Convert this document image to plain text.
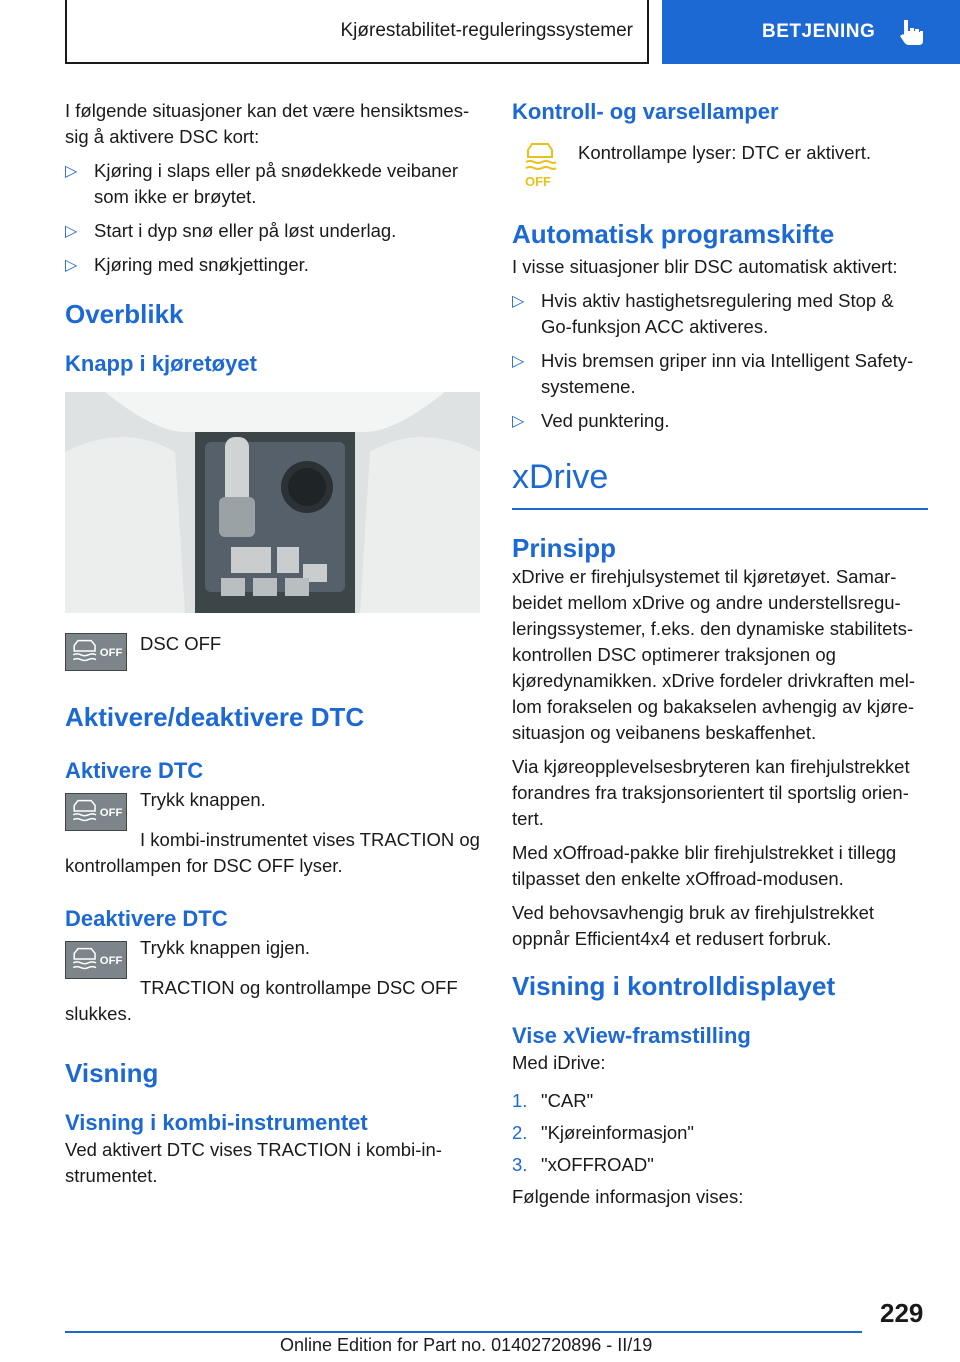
Kjørestabilitet-reguleringssystemer	BETJENING

I følgende situasjoner kan det være hensiktsmes-sig å aktivere DSC kort:

▷ Kjøring i slaps eller på snødekkede veibaner som ikke er brøytet.
▷ Start i dyp snø eller på løst underlag.
▷ Kjøring med snøkjettinger.
Overblikk
Knapp i kjøretøyet
OFF DSC OFF
Aktivere/deaktivere DTC
Aktivere DTC
OFF

Trykk knappen.

I kombi-instrumentet vises TRACTION og kontrollampen for DSC OFF lyser.

Deaktivere DTC
OFF

Trykk knappen igjen.

TRACTION og kontrollampe DSC OFF slukkes.

Visning
Visning i kombi-instrumentet

Ved aktivert DTC vises TRACTION i kombi-in-strumentet.

Kontroll- og varsellamper
OFF

Kontrollampe lyser: DTC er aktivert.

Automatisk programskifte

I visse situasjoner blir DSC automatisk aktivert:

▷ Hvis aktiv hastighetsregulering med Stop & Go-funksjon ACC aktiveres.
▷ Hvis bremsen griper inn via Intelligent Safety-systemene.
▷ Ved punktering.
xDrive
Prinsipp

xDrive er firehjulsystemet til kjøretøyet. Samar-beidet mellom xDrive og andre understellsregu-leringssystemer, f.eks. den dynamiske stabilitets-kontrollen DSC optimerer traksjonen og kjøredynamikken. xDrive fordeler drivkraften mel-lom forakselen og bakakselen avhengig av kjøre-situasjon og veibanens beskaffenhet.

Via kjøreopplevelsesbryteren kan firehjulstrekket forandres fra traksjonsorientert til sportslig orien-tert.

Med xOffroad-pakke blir firehjulstrekket i tillegg tilpasset den enkelte xOffroad-modusen.

Ved behovsavhengig bruk av firehjulstrekket oppnår Efficient4x4 et redusert forbruk.

Visning i kontrolldisplayet
Vise xView-framstilling

Med iDrive:

1. "CAR"
2. "Kjøreinformasjon"
3. "xOFFROAD"

Følgende informasjon vises:

229
Online Edition for Part no. 01402720896 - II/19
